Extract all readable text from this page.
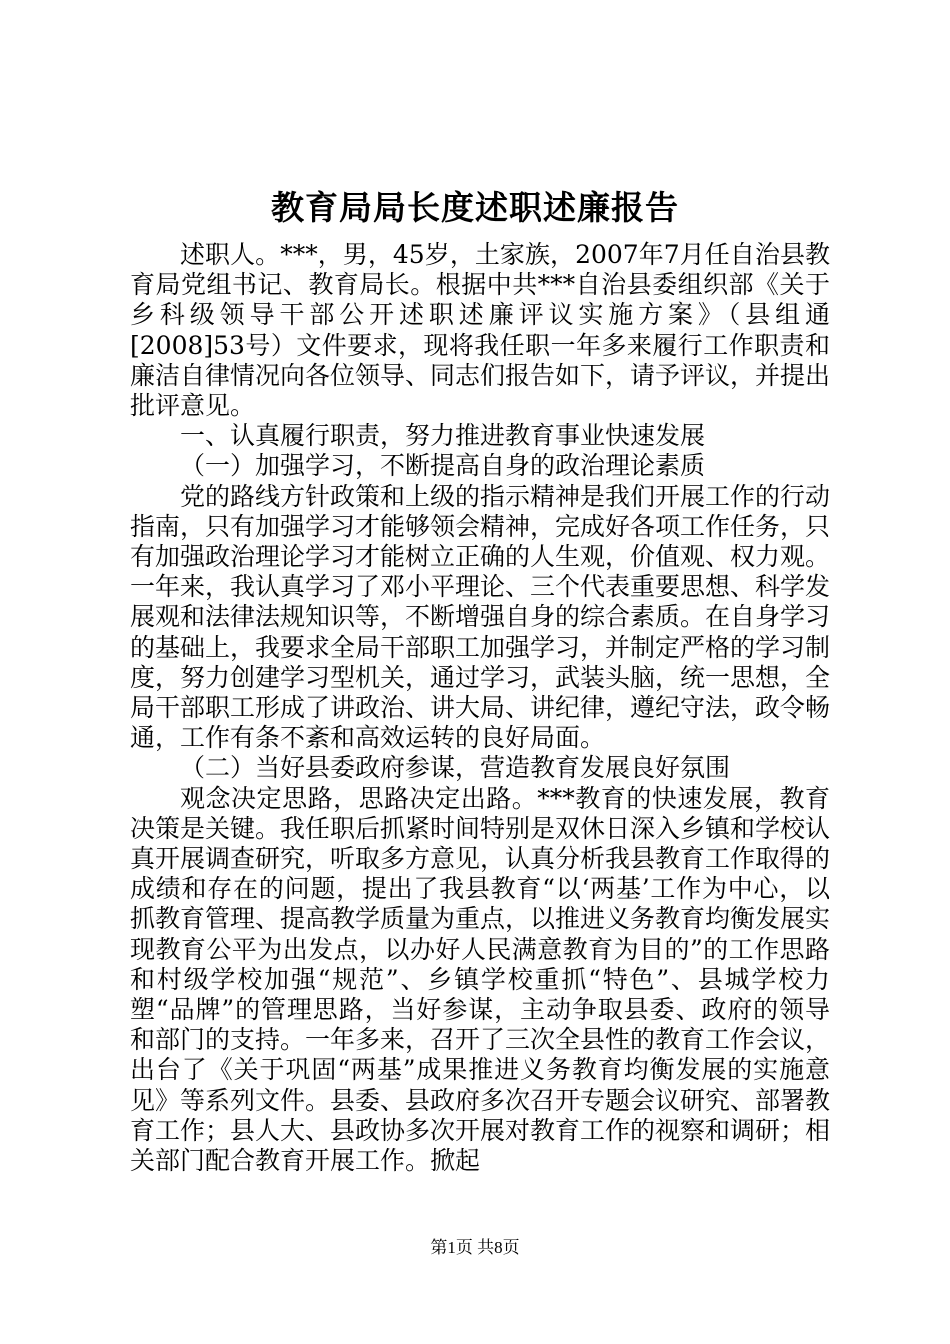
教育局局长度述职述廉报告

述职人。***，男，45岁，土家族，2007年7月任自治县教育局党组书记、教育局长。根据中共***自治县委组织部《关于乡科级领导干部公开述职述廉评议实施方案》（县组通[2008]53号）文件要求，现将我任职一年多来履行工作职责和廉洁自律情况向各位领导、同志们报告如下，请予评议，并提出批评意见。

一、认真履行职责，努力推进教育事业快速发展

（一）加强学习，不断提高自身的政治理论素质

党的路线方针政策和上级的指示精神是我们开展工作的行动指南，只有加强学习才能够领会精神，完成好各项工作任务，只有加强政治理论学习才能树立正确的人生观，价值观、权力观。一年来，我认真学习了邓小平理论、三个代表重要思想、科学发展观和法律法规知识等，不断增强自身的综合素质。在自身学习的基础上，我要求全局干部职工加强学习，并制定严格的学习制度，努力创建学习型机关，通过学习，武装头脑，统一思想，全局干部职工形成了讲政治、讲大局、讲纪律，遵纪守法，政令畅通，工作有条不紊和高效运转的良好局面。

（二）当好县委政府参谋，营造教育发展良好氛围

观念决定思路，思路决定出路。***教育的快速发展，教育决策是关键。我任职后抓紧时间特别是双休日深入乡镇和学校认真开展调查研究，听取多方意见，认真分析我县教育工作取得的成绩和存在的问题，提出了我县教育“以‘两基’工作为中心，以抓教育管理、提高教学质量为重点，以推进义务教育均衡发展实现教育公平为出发点，以办好人民满意教育为目的”的工作思路和村级学校加强“规范”、乡镇学校重抓“特色”、县城学校力塑“品牌”的管理思路，当好参谋，主动争取县委、政府的领导和部门的支持。一年多来，召开了三次全县性的教育工作会议，出台了《关于巩固“两基”成果推进义务教育均衡发展的实施意见》等系列文件。县委、县政府多次召开专题会议研究、部署教育工作；县人大、县政协多次开展对教育工作的视察和调研；相关部门配合教育开展工作。掀起

第1页 共8页
